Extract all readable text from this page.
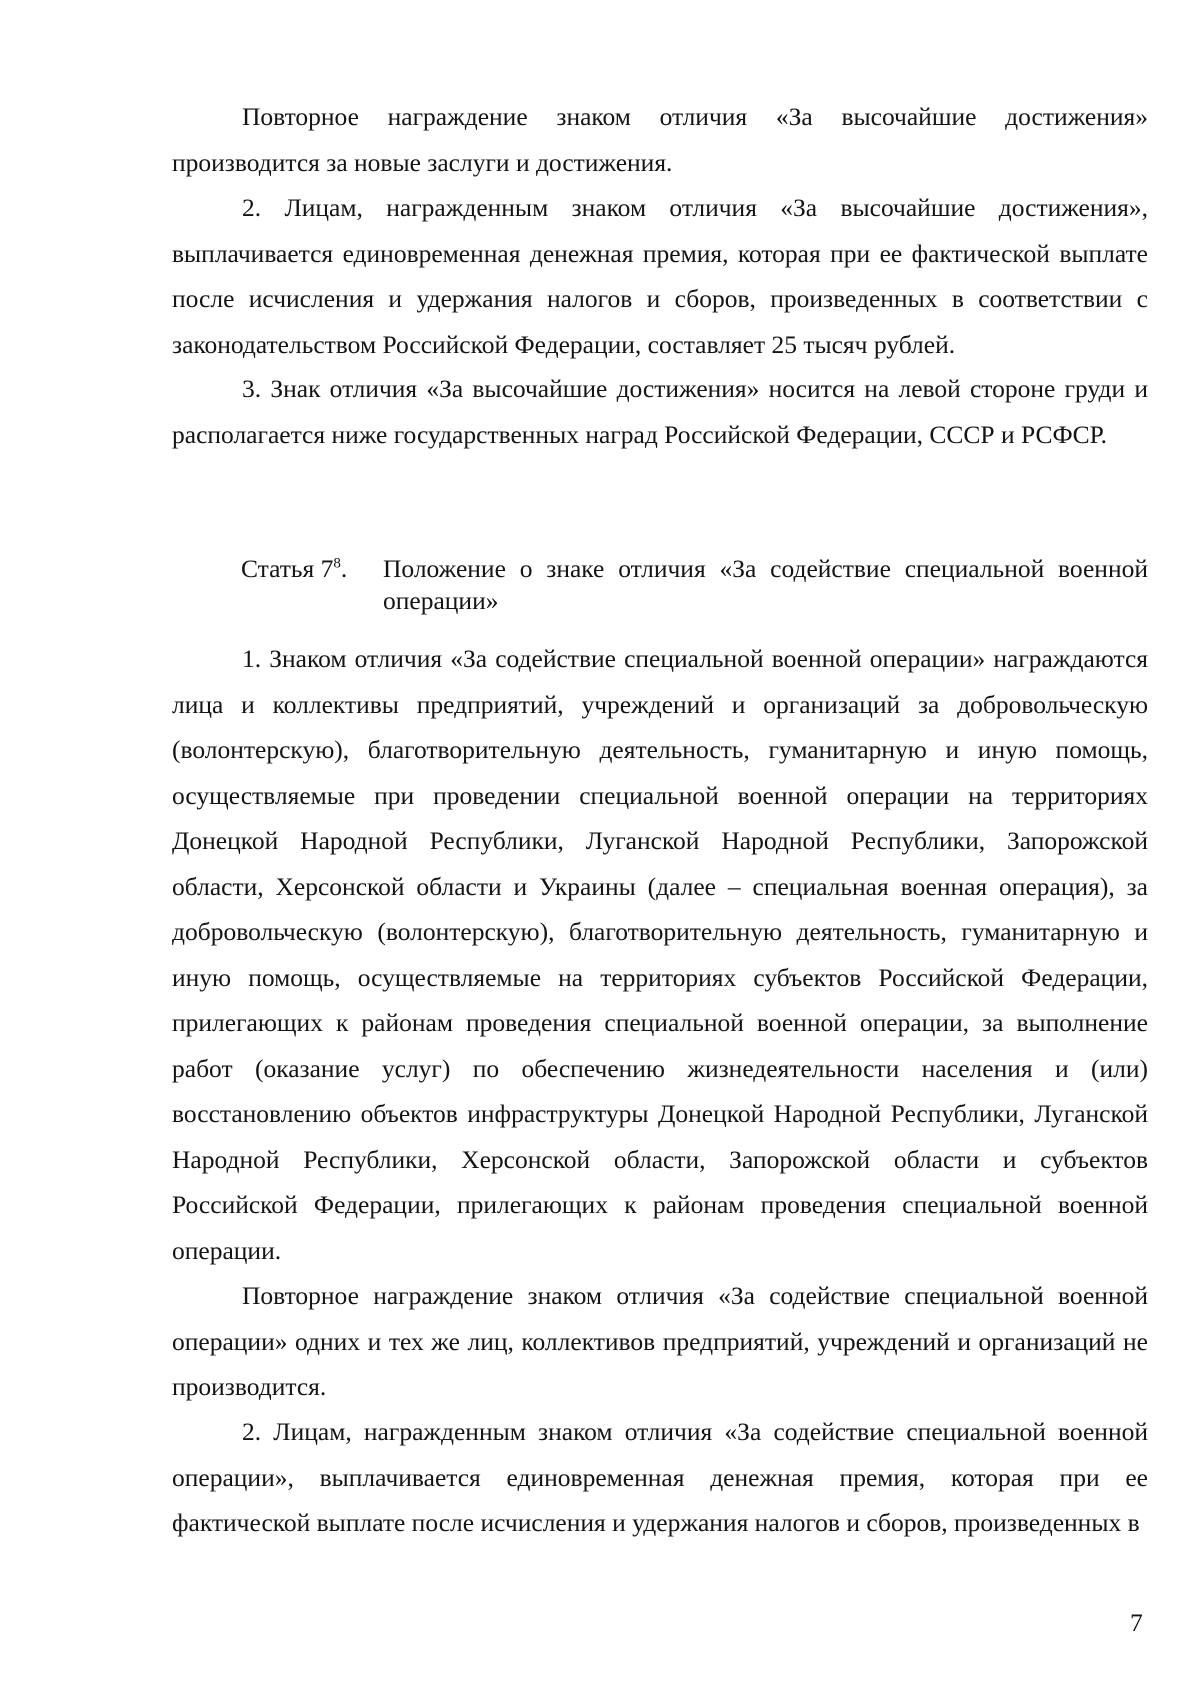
Повторное награждение знаком отличия «За высочайшие достижения» производится за новые заслуги и достижения.

2. Лицам, награжденным знаком отличия «За высочайшие достижения», выплачивается единовременная денежная премия, которая при ее фактической выплате после исчисления и удержания налогов и сборов, произведенных в соответствии с законодательством Российской Федерации, составляет 25 тысяч рублей.

3. Знак отличия «За высочайшие достижения» носится на левой стороне груди и располагается ниже государственных наград Российской Федерации, СССР и РСФСР.

Статья $7^8$.	Положение о знаке отличия «За содействие специальной военной операции»

1. Знаком отличия «За содействие специальной военной операции» награждаются лица и коллективы предприятий, учреждений и организаций за добровольческую (волонтерскую), благотворительную деятельность, гуманитарную и иную помощь, осуществляемые при проведении специальной военной операции на территориях Донецкой Народной Республики, Луганской Народной Республики, Запорожской области, Херсонской области и Украины (далее – специальная военная операция), за добровольческую (волонтерскую), благотворительную деятельность, гуманитарную и иную помощь, осуществляемые на территориях субъектов Российской Федерации, прилегающих к районам проведения специальной военной операции, за выполнение работ (оказание услуг) по обеспечению жизнедеятельности населения и (или) восстановлению объектов инфраструктуры Донецкой Народной Республики, Луганской Народной Республики, Херсонской области, Запорожской области и субъектов Российской Федерации, прилегающих к районам проведения специальной военной операции.

Повторное награждение знаком отличия «За содействие специальной военной операции» одних и тех же лиц, коллективов предприятий, учреждений и организаций не производится.

2. Лицам, награжденным знаком отличия «За содействие специальной военной операции», выплачивается единовременная денежная премия, которая при ее фактической выплате после исчисления и удержания налогов и сборов, произведенных в

7
